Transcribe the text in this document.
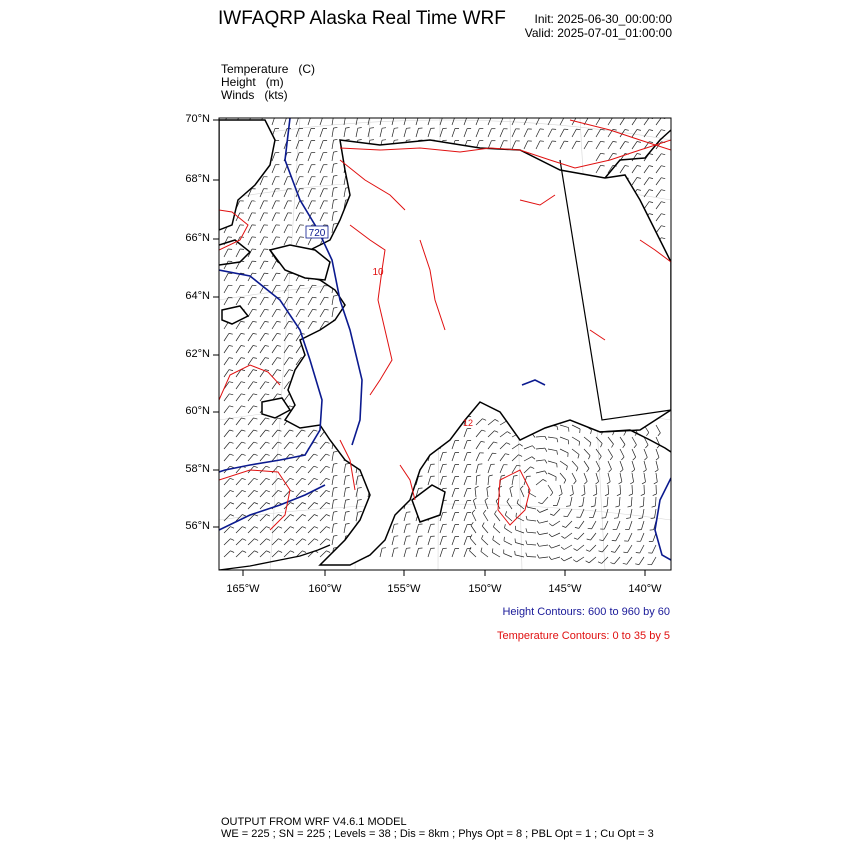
IWFAQRP Alaska Real Time WRF	Init: 2025-06-30_00:00:00
Valid: 2025-07-01_01:00:00
Temperature   (C)
Height   (m)
Winds   (kts)
720
10
12
70°N
68°N
66°N
64°N
62°N
60°N
58°N
56°N
165°W	160°W	155°W	150°W	145°W	140°W
Height Contours: 600 to 960 by 60
Temperature Contours: 0 to 35 by 5
OUTPUT FROM WRF V4.6.1 MODEL
WE = 225 ; SN = 225 ; Levels = 38 ; Dis = 8km ; Phys Opt = 8 ; PBL Opt = 1 ; Cu Opt = 3
